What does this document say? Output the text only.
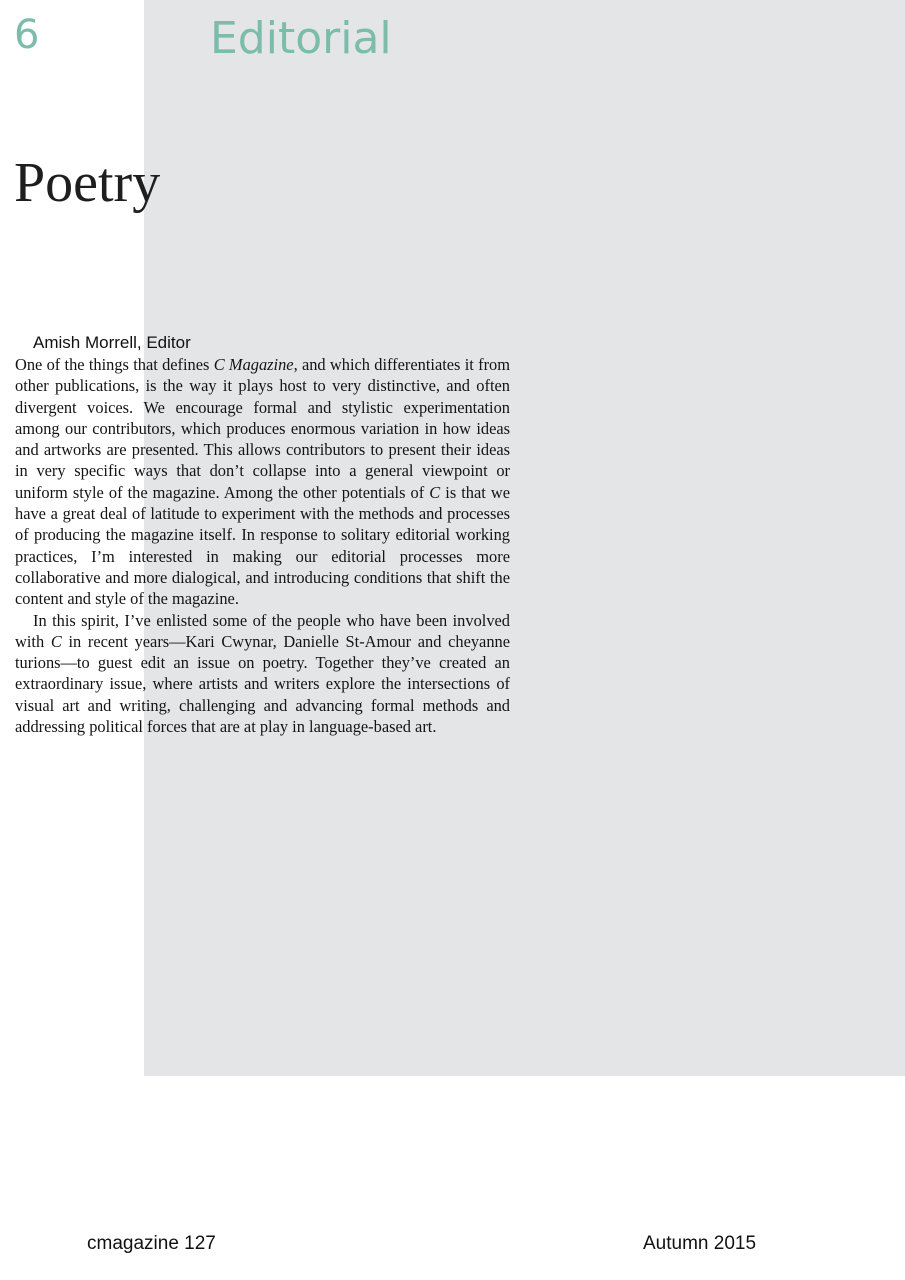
6	Editorial
Poetry
Amish Morrell, Editor

One of the things that defines C Magazine, and which differentiates it from other publications, is the way it plays host to very distinctive, and often divergent voices. We encourage formal and stylistic experimentation among our contributors, which produces enormous variation in how ideas and artworks are presented. This allows contributors to present their ideas in very specific ways that don’t collapse into a general viewpoint or uniform style of the magazine. Among the other potentials of C is that we have a great deal of latitude to experiment with the methods and processes of producing the magazine itself. In response to solitary editorial working practices, I’m interested in making our editorial processes more collaborative and more dialogical, and introducing conditions that shift the content and style of the magazine.

In this spirit, I’ve enlisted some of the people who have been involved with C in recent years—Kari Cwynar, Danielle St-Amour and cheyanne turions—to guest edit an issue on poetry. Together they’ve created an extraordinary issue, where artists and writers explore the intersections of visual art and writing, challenging and advancing formal methods and addressing political forces that are at play in language-based art.

cmagazine 127	Autumn 2015
